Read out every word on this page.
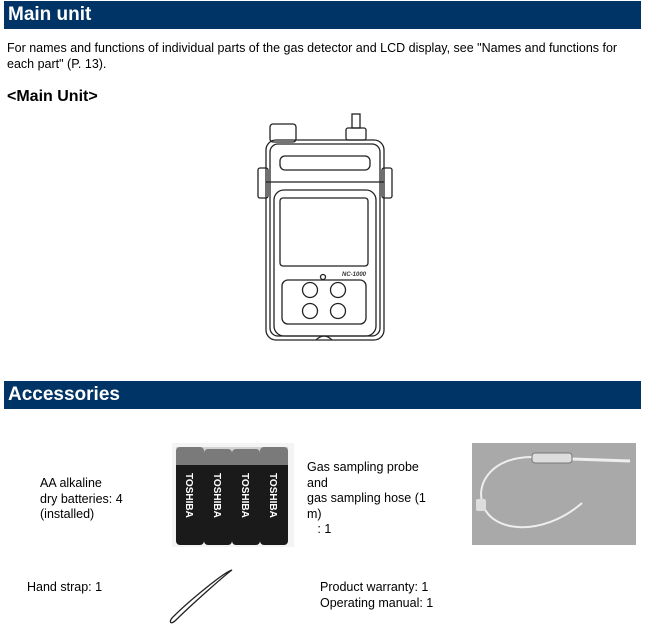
Main unit
For names and functions of individual parts of the gas detector and LCD display, see "Names and functions for each part" (P. 13).
<Main Unit>
NC-1000
Accessories
AA alkaline
dry batteries: 4
(installed)	TOSHIBA TOSHIBA TOSHIBA TOSHIBA
Gas sampling probe
and
gas sampling hose (1
m)
: 1
Hand strap: 1	Product warranty: 1
Operating manual: 1
